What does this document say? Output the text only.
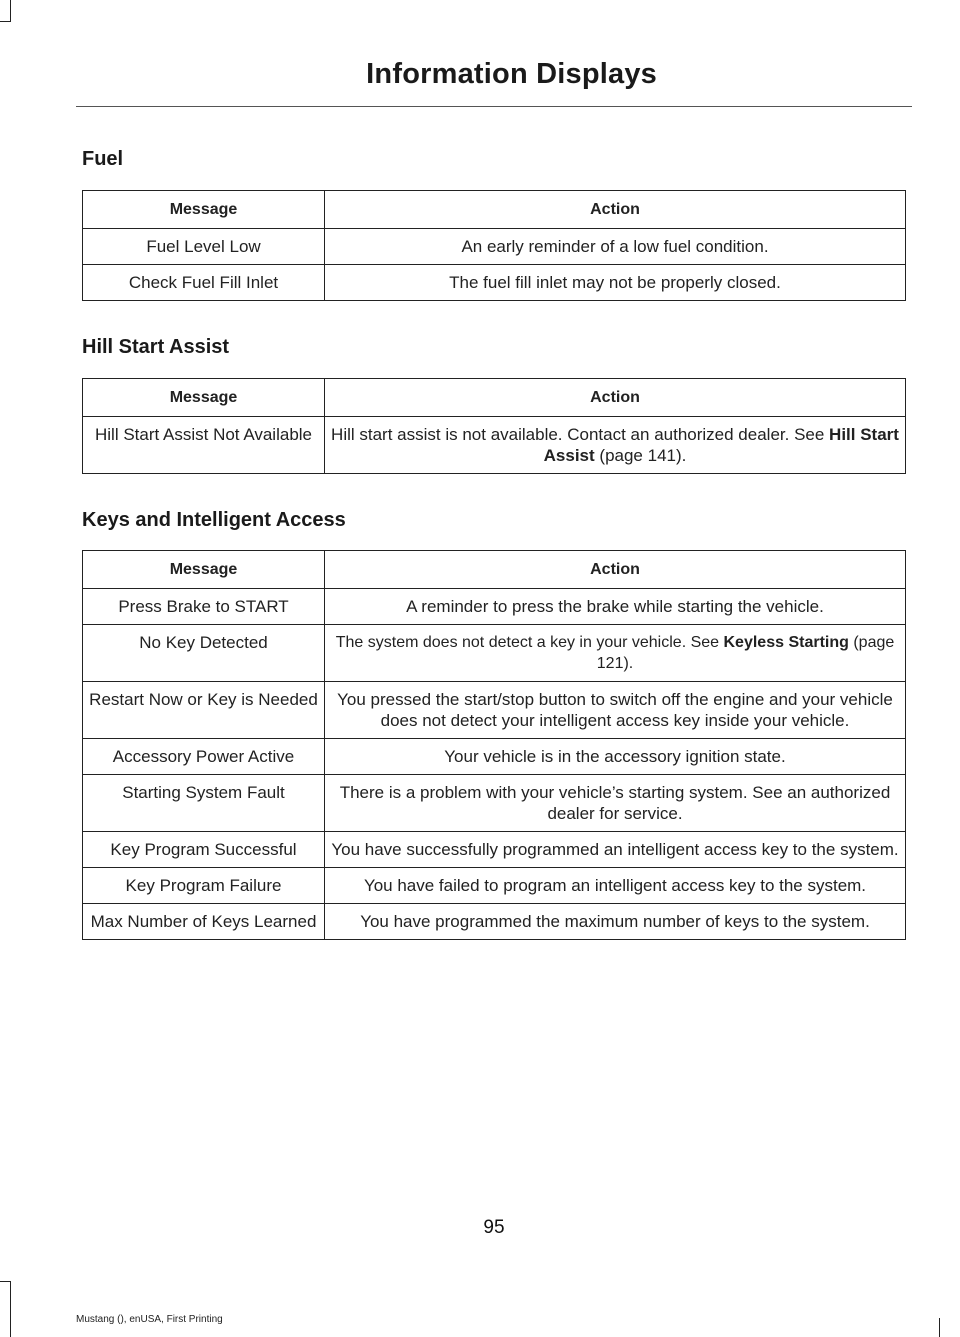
Information Displays
Fuel
Message	Action
Fuel Level Low	An early reminder of a low fuel condition.
Check Fuel Fill Inlet	The fuel fill inlet may not be properly closed.
Hill Start Assist
Message	Action
Hill Start Assist Not Available	Hill start assist is not available. Contact an authorized dealer. See Hill Start Assist (page 141).
Keys and Intelligent Access
Message	Action
Press Brake to START	A reminder to press the brake while starting the vehicle.
No Key Detected	The system does not detect a key in your vehicle. See Keyless Starting (page 121).
Restart Now or Key is Needed	You pressed the start/stop button to switch off the engine and your vehicle does not detect your intelligent access key inside your vehicle.
Accessory Power Active	Your vehicle is in the accessory ignition state.
Starting System Fault	There is a problem with your vehicle’s starting system. See an authorized dealer for service.
Key Program Successful	You have successfully programmed an intelligent access key to the system.
Key Program Failure	You have failed to program an intelligent access key to the system.
Max Number of Keys Learned	You have programmed the maximum number of keys to the system.
95
Mustang (), enUSA, First Printing
